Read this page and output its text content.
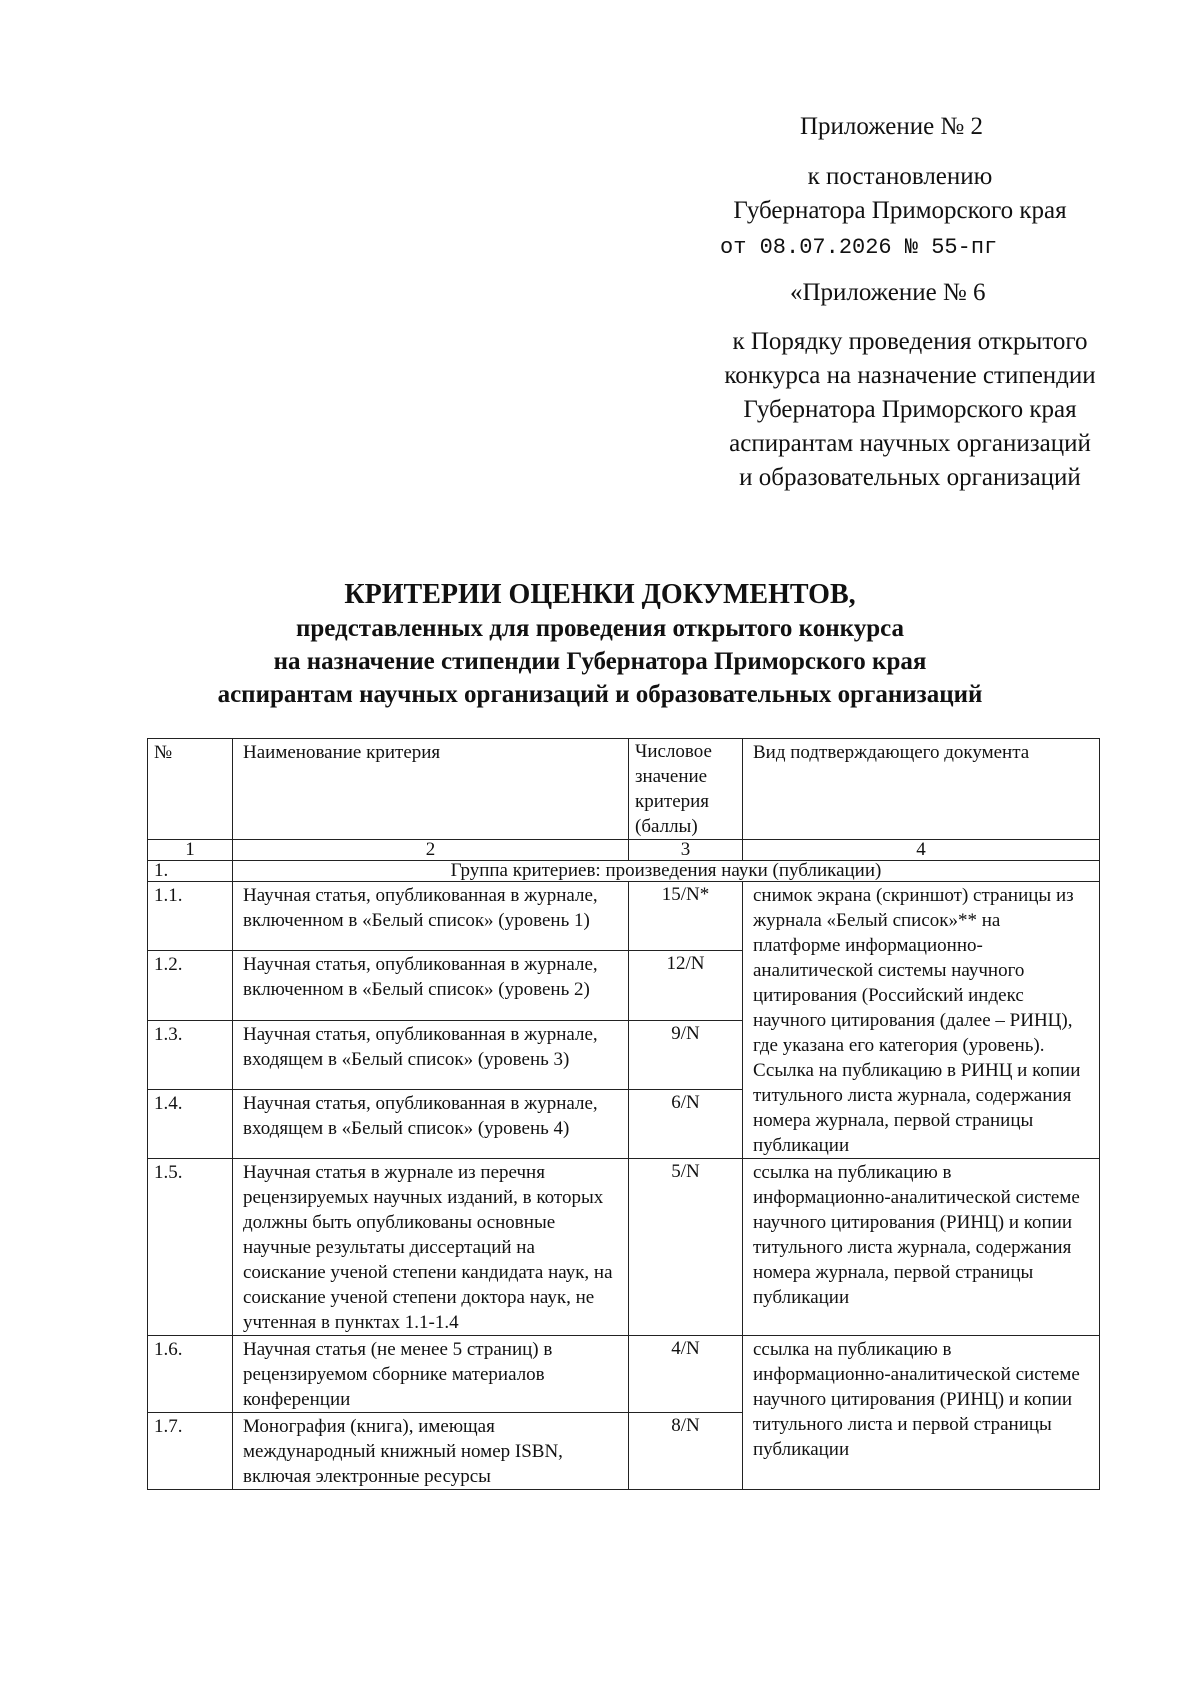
Приложение № 2
к постановлению
Губернатора Приморского края
от 08.07.2026 № 55-пг
«Приложение № 6
к Порядку проведения открытого
конкурса на назначение стипендии
Губернатора Приморского края
аспирантам научных организаций
и образовательных организаций
КРИТЕРИИ ОЦЕНКИ ДОКУМЕНТОВ,
представленных для проведения открытого конкурса
на назначение стипендии Губернатора Приморского края
аспирантам научных организаций и образовательных организаций
№	Наименование критерия	Числовое значение критерия (баллы)	Вид подтверждающего документа
1	2	3	4
1.	Группа критериев: произведения науки (публикации)		
1.1.	Научная статья, опубликованная в журнале, включенном в «Белый список» (уровень 1)	15/N*	снимок экрана (скриншот) страницы из журнала «Белый список»** на платформе информационно-аналитической системы научного цитирования (Российский индекс научного цитирования (далее – РИНЦ), где указана его категория (уровень). Ссылка на публикацию в РИНЦ и копии титульного листа журнала, содержания номера журнала, первой страницы публикации
1.2.	Научная статья, опубликованная в журнале, включенном в «Белый список» (уровень 2)	12/N	
1.3.	Научная статья, опубликованная в журнале, входящем в «Белый список» (уровень 3)	9/N	
1.4.	Научная статья, опубликованная в журнале, входящем в «Белый список» (уровень 4)	6/N	
1.5.	Научная статья в журнале из перечня рецензируемых научных изданий, в которых должны быть опубликованы основные научные результаты диссертаций на соискание ученой степени кандидата наук, на соискание ученой степени доктора наук, не учтенная в пунктах 1.1-1.4	5/N	ссылка на публикацию в информационно-аналитической системе научного цитирования (РИНЦ) и копии титульного листа журнала, содержания номера журнала, первой страницы публикации
1.6.	Научная статья (не менее 5 страниц) в рецензируемом сборнике материалов конференции	4/N	ссылка на публикацию в информационно-аналитической системе научного цитирования (РИНЦ) и копии титульного листа и первой страницы публикации
1.7.	Монография (книга), имеющая международный книжный номер ISBN, включая электронные ресурсы	8/N	
